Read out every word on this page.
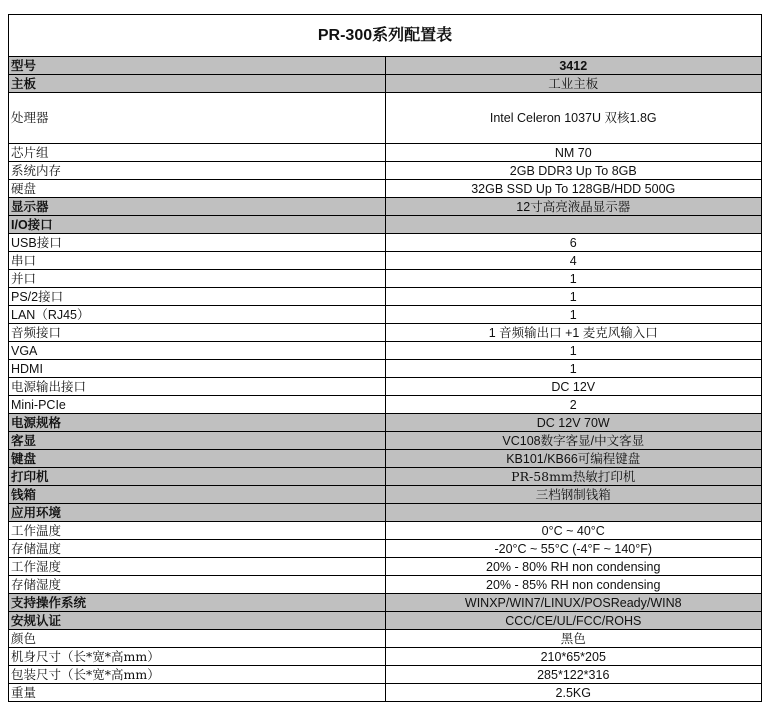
PR-300系列配置表	
型号	3412
主板	工业主板
处理器	Intel Celeron 1037U 双核1.8G
芯片组	NM 70
系统内存	2GB DDR3 Up To 8GB
硬盘	32GB SSD Up To 128GB/HDD 500G
显示器	12寸高亮液晶显示器
I/O接口	
USB接口	6
串口	4
并口	1
PS/2接口	1
LAN（RJ45）	1
音频接口	1 音频输出口 +1 麦克风输入口
VGA	1
HDMI	1
电源输出接口	DC 12V
Mini-PCIe	2
电源规格	DC 12V 70W
客显	VC108数字客显/中文客显
键盘	KB101/KB66可编程键盘
打印机	PR-58mm热敏打印机
钱箱	三档钢制钱箱
应用环境	
工作温度	0°C ~ 40°C
存储温度	-20°C ~ 55°C (-4°F ~ 140°F)
工作湿度	20% - 80% RH non condensing
存储湿度	20% - 85% RH non condensing
支持操作系统	WINXP/WIN7/LINUX/POSReady/WIN8
安规认证	CCC/CE/UL/FCC/ROHS
颜色	黑色
机身尺寸（长*宽*高mm）	210*65*205
包装尺寸（长*宽*高mm）	285*122*316
重量	2.5KG
